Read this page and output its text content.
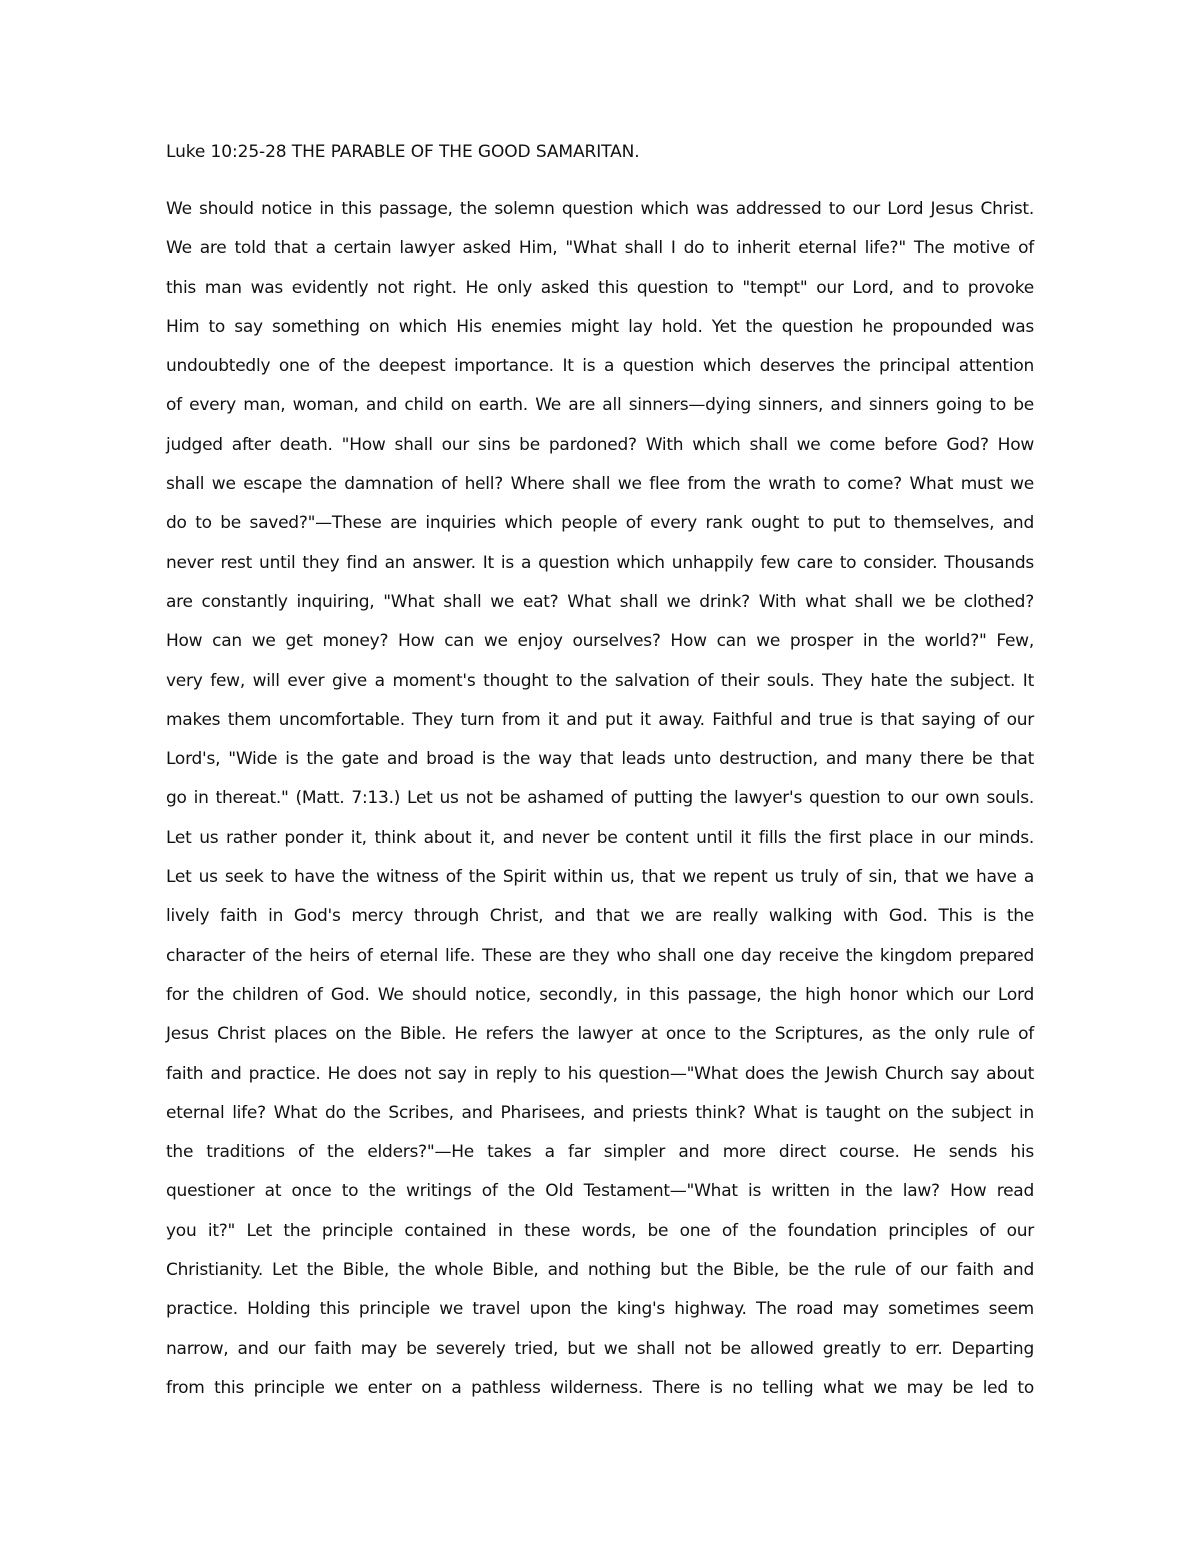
Luke 10:25-28 THE PARABLE OF THE GOOD SAMARITAN.
We should notice in this passage, the solemn question which was addressed to our Lord Jesus Christ.
We are told that a certain lawyer asked Him, "What shall I do to inherit eternal life?" The motive of
this man was evidently not right. He only asked this question to "tempt" our Lord, and to provoke
Him to say something on which His enemies might lay hold. Yet the question he propounded was
undoubtedly one of the deepest importance. It is a question which deserves the principal attention
of every man, woman, and child on earth. We are all sinners—dying sinners, and sinners going to be
judged after death. "How shall our sins be pardoned? With which shall we come before God? How
shall we escape the damnation of hell? Where shall we flee from the wrath to come? What must we
do to be saved?"—These are inquiries which people of every rank ought to put to themselves, and
never rest until they find an answer. It is a question which unhappily few care to consider. Thousands
are constantly inquiring, "What shall we eat? What shall we drink? With what shall we be clothed?
How can we get money? How can we enjoy ourselves? How can we prosper in the world?" Few,
very few, will ever give a moment's thought to the salvation of their souls. They hate the subject. It
makes them uncomfortable. They turn from it and put it away. Faithful and true is that saying of our
Lord's, "Wide is the gate and broad is the way that leads unto destruction, and many there be that
go in thereat." (Matt. 7:13.) Let us not be ashamed of putting the lawyer's question to our own souls.
Let us rather ponder it, think about it, and never be content until it fills the first place in our minds.
Let us seek to have the witness of the Spirit within us, that we repent us truly of sin, that we have a
lively faith in God's mercy through Christ, and that we are really walking with God. This is the
character of the heirs of eternal life. These are they who shall one day receive the kingdom prepared
for the children of God. We should notice, secondly, in this passage, the high honor which our Lord
Jesus Christ places on the Bible. He refers the lawyer at once to the Scriptures, as the only rule of
faith and practice. He does not say in reply to his question—"What does the Jewish Church say about
eternal life? What do the Scribes, and Pharisees, and priests think? What is taught on the subject in
the traditions of the elders?"—He takes a far simpler and more direct course. He sends his
questioner at once to the writings of the Old Testament—"What is written in the law? How read
you it?" Let the principle contained in these words, be one of the foundation principles of our
Christianity. Let the Bible, the whole Bible, and nothing but the Bible, be the rule of our faith and
practice. Holding this principle we travel upon the king's highway. The road may sometimes seem
narrow, and our faith may be severely tried, but we shall not be allowed greatly to err. Departing
from this principle we enter on a pathless wilderness. There is no telling what we may be led to
